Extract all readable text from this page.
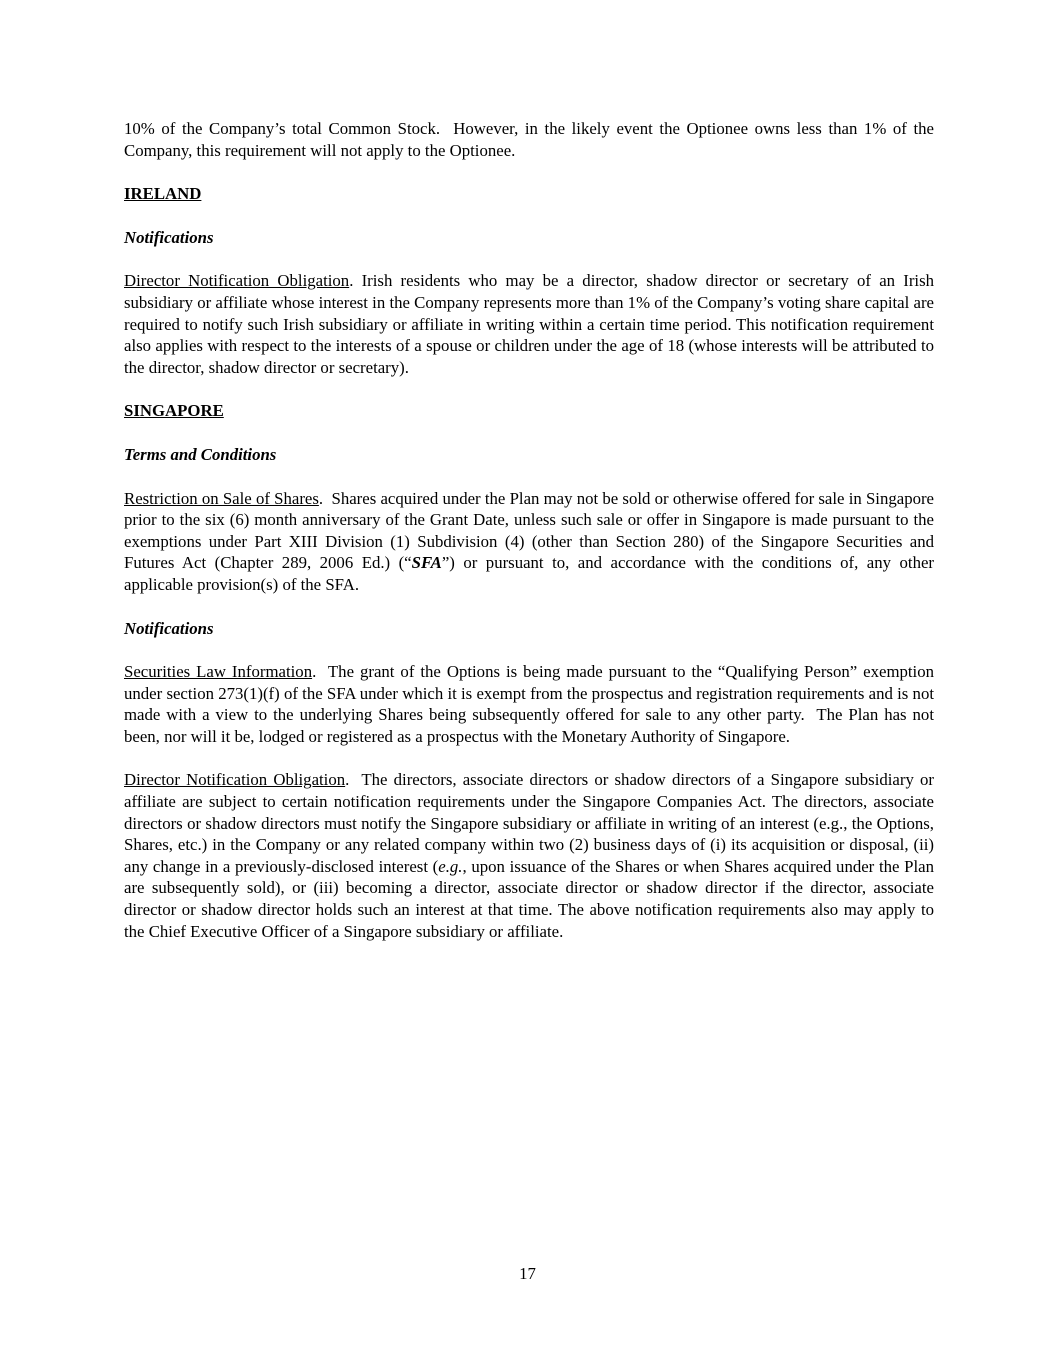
10% of the Company’s total Common Stock.  However, in the likely event the Optionee owns less than 1% of the Company, this requirement will not apply to the Optionee.

IRELAND
Notifications

Director Notification Obligation. Irish residents who may be a director, shadow director or secretary of an Irish subsidiary or affiliate whose interest in the Company represents more than 1% of the Company’s voting share capital are required to notify such Irish subsidiary or affiliate in writing within a certain time period. This notification requirement also applies with respect to the interests of a spouse or children under the age of 18 (whose interests will be attributed to the director, shadow director or secretary).

SINGAPORE
Terms and Conditions

Restriction on Sale of Shares.  Shares acquired under the Plan may not be sold or otherwise offered for sale in Singapore prior to the six (6) month anniversary of the Grant Date, unless such sale or offer in Singapore is made pursuant to the exemptions under Part XIII Division (1) Subdivision (4) (other than Section 280) of the Singapore Securities and Futures Act (Chapter 289, 2006 Ed.) (“SFA”) or pursuant to, and accordance with the conditions of, any other applicable provision(s) of the SFA.

Notifications

Securities Law Information.  The grant of the Options is being made pursuant to the “Qualifying Person” exemption under section 273(1)(f) of the SFA under which it is exempt from the prospectus and registration requirements and is not made with a view to the underlying Shares being subsequently offered for sale to any other party.  The Plan has not been, nor will it be, lodged or registered as a prospectus with the Monetary Authority of Singapore.

Director Notification Obligation.  The directors, associate directors or shadow directors of a Singapore subsidiary or affiliate are subject to certain notification requirements under the Singapore Companies Act. The directors, associate directors or shadow directors must notify the Singapore subsidiary or affiliate in writing of an interest (e.g., the Options, Shares, etc.) in the Company or any related company within two (2) business days of (i) its acquisition or disposal, (ii) any change in a previously-disclosed interest (e.g., upon issuance of the Shares or when Shares acquired under the Plan are subsequently sold), or (iii) becoming a director, associate director or shadow director if the director, associate director or shadow director holds such an interest at that time. The above notification requirements also may apply to the Chief Executive Officer of a Singapore subsidiary or affiliate.

17
